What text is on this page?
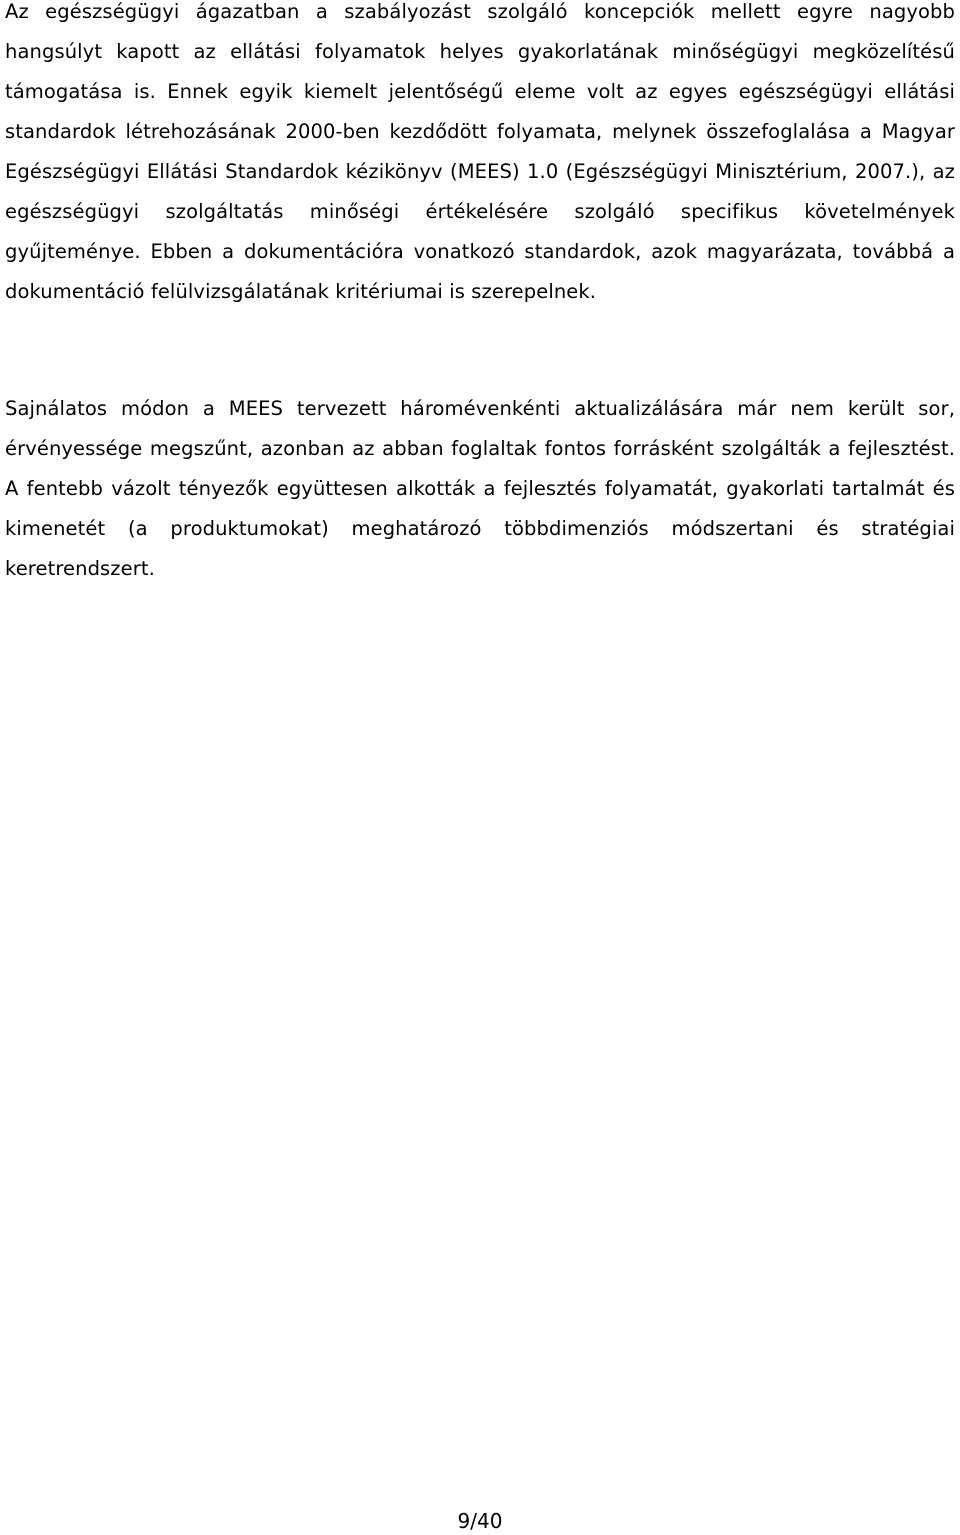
Az egészségügyi ágazatban a szabályozást szolgáló koncepciók mellett egyre nagyobb hangsúlyt kapott az ellátási folyamatok helyes gyakorlatának minőségügyi megközelítésű támogatása is. Ennek egyik kiemelt jelentőségű eleme volt az egyes egészségügyi ellátási standardok létrehozásának 2000-ben kezdődött folyamata, melynek összefoglalása a Magyar Egészségügyi Ellátási Standardok kézikönyv (MEES) 1.0 (Egészségügyi Minisztérium, 2007.), az egészségügyi szolgáltatás minőségi értékelésére szolgáló specifikus követelmények gyűjteménye. Ebben a dokumentációra vonatkozó standardok, azok magyarázata, továbbá a dokumentáció felülvizsgálatának kritériumai is szerepelnek.

Sajnálatos módon a MEES tervezett háromévenkénti aktualizálására már nem került sor, érvényessége megszűnt, azonban az abban foglaltak fontos forrásként szolgálták a fejlesztést. A fentebb vázolt tényezők együttesen alkották a fejlesztés folyamatát, gyakorlati tartalmát és kimenetét (a produktumokat) meghatározó többdimenziós módszertani és stratégiai keretrendszert.

9/40
